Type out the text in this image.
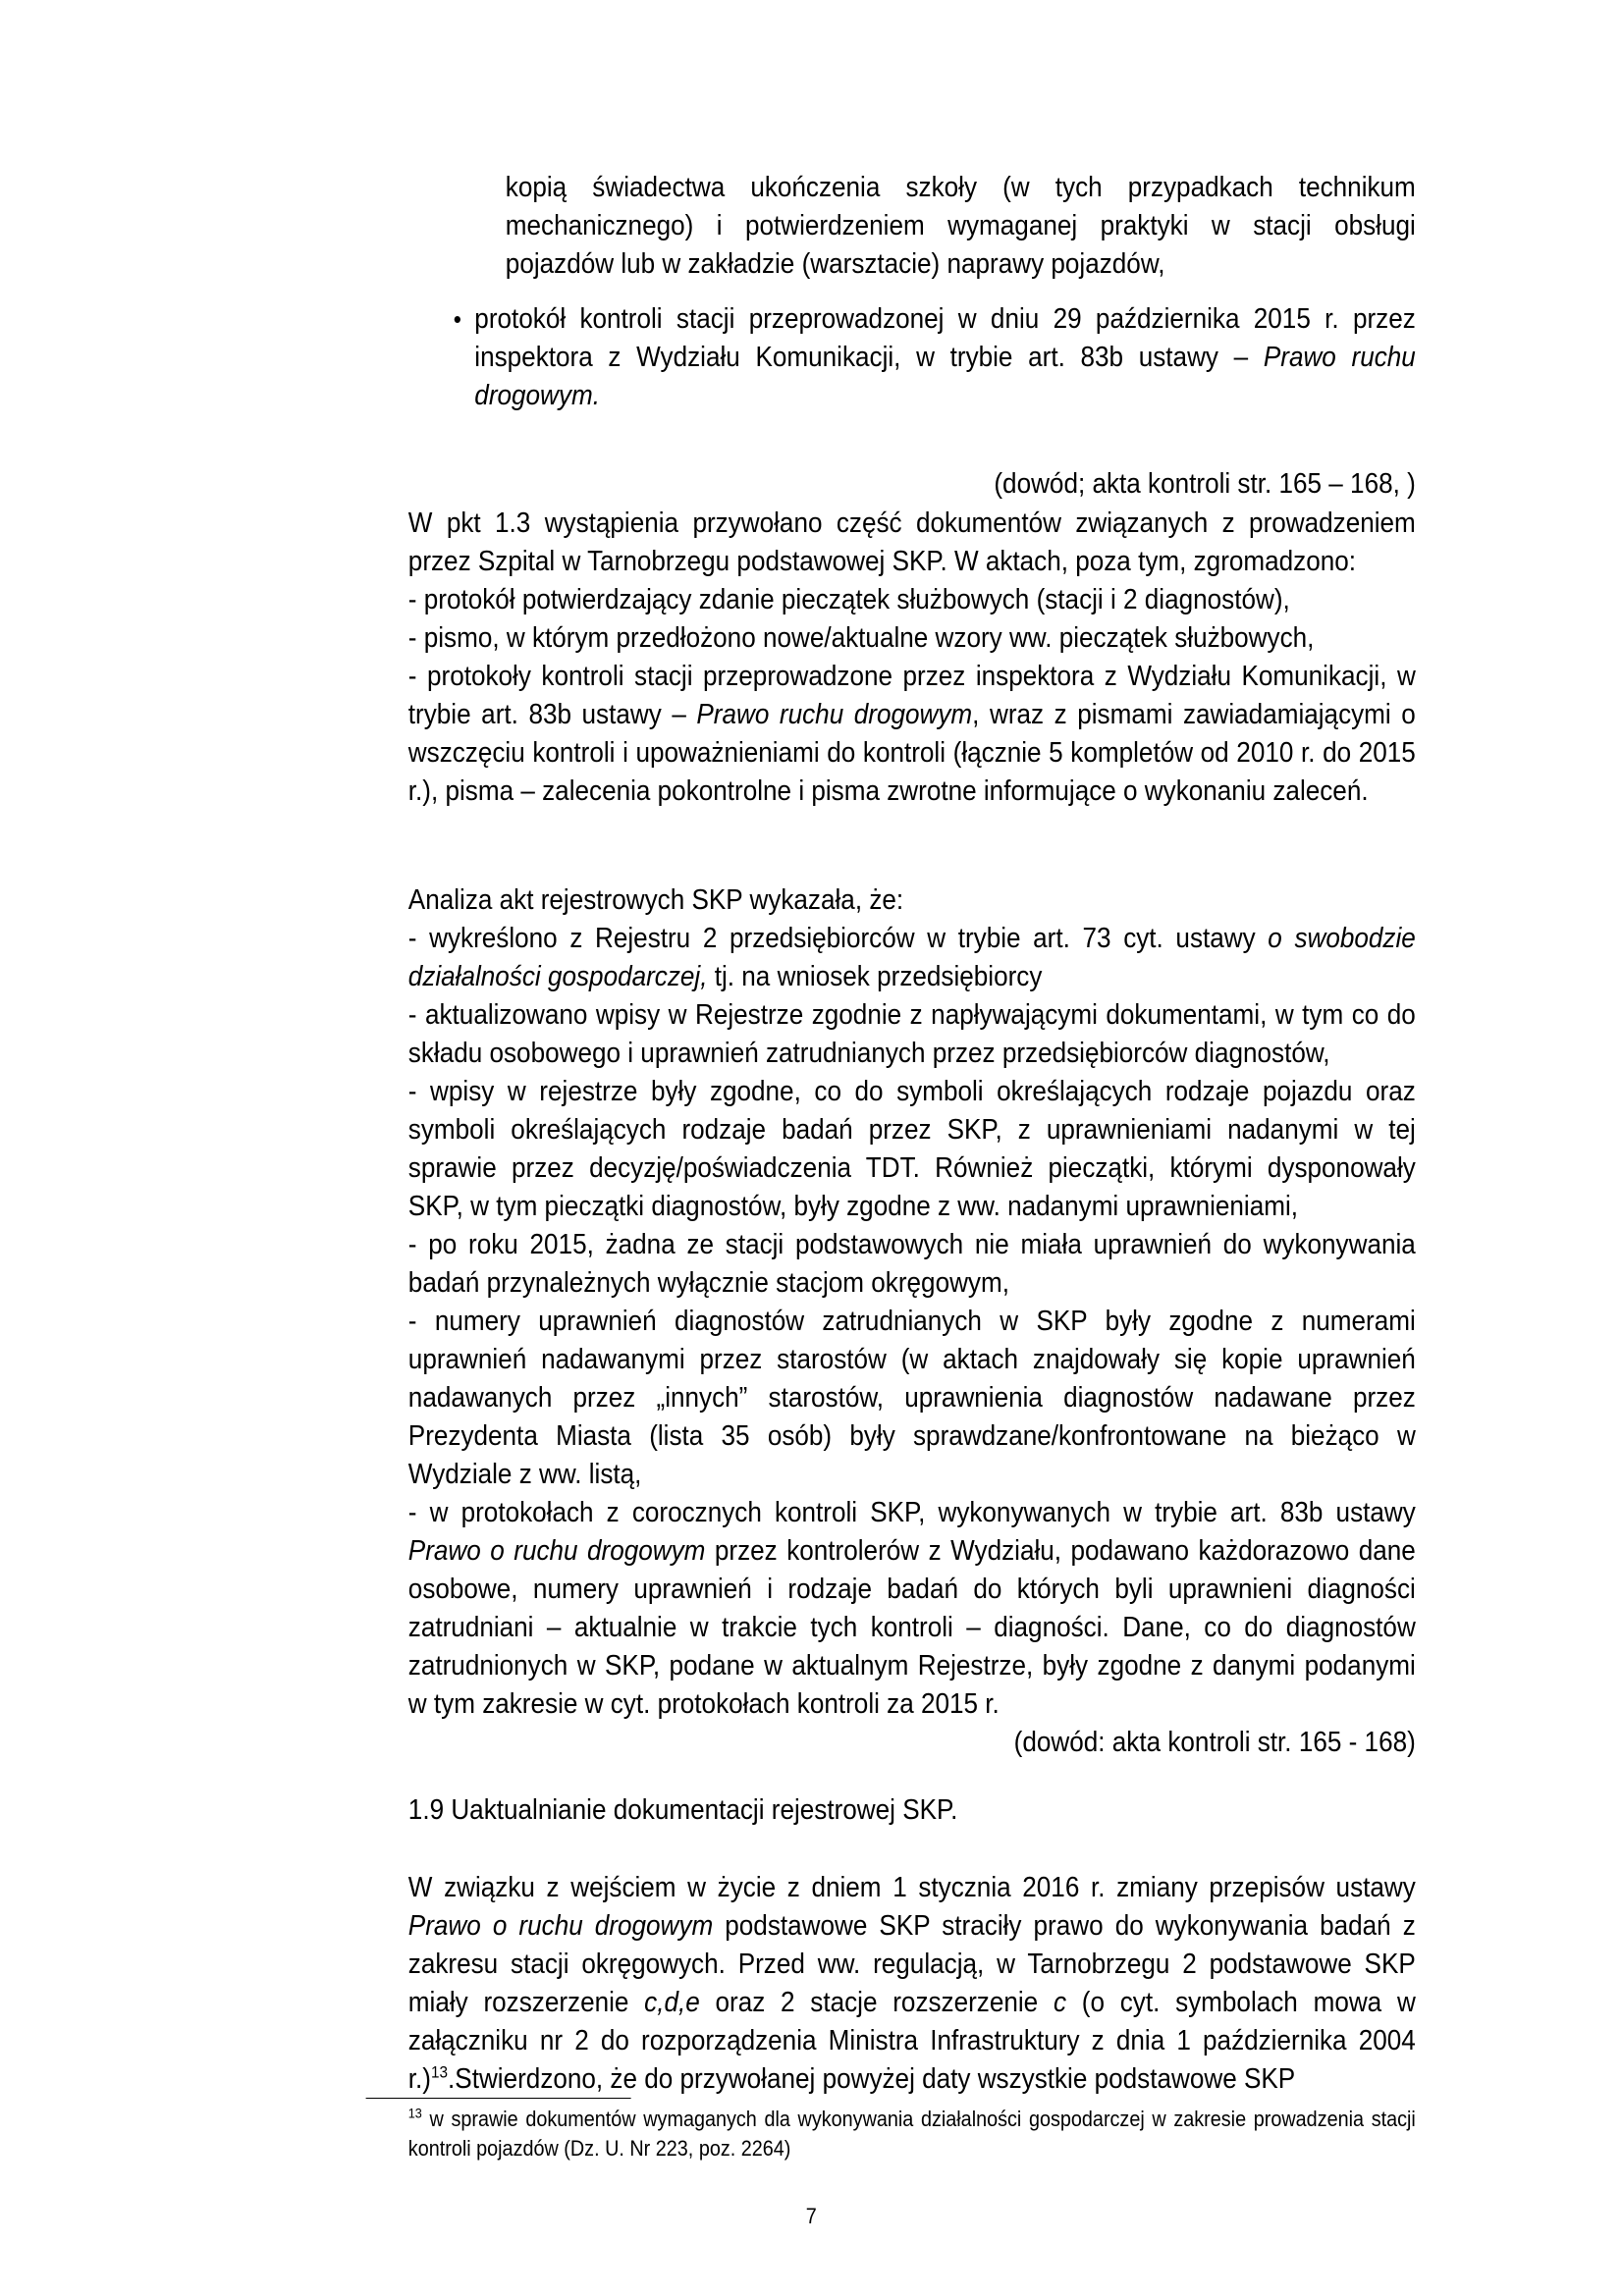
kopią świadectwa ukończenia szkoły (w tych przypadkach technikum mechanicznego) i potwierdzeniem wymaganej praktyki w stacji obsługi pojazdów lub w zakładzie (warsztacie) naprawy pojazdów,

• protokół kontroli stacji przeprowadzonej w dniu 29 października 2015 r. przez inspektora z Wydziału Komunikacji, w trybie art. 83b ustawy – Prawo ruchu drogowym.

(dowód; akta kontroli str. 165 – 168, )

W pkt 1.3 wystąpienia przywołano część dokumentów związanych z prowadzeniem przez Szpital w Tarnobrzegu podstawowej SKP. W aktach, poza tym, zgromadzono:

- protokół potwierdzający zdanie pieczątek służbowych (stacji i 2 diagnostów),

- pismo, w którym przedłożono nowe/aktualne wzory ww. pieczątek służbowych,

- protokoły kontroli stacji przeprowadzone przez inspektora z Wydziału Komunikacji, w trybie art. 83b ustawy – Prawo ruchu drogowym, wraz z pismami zawiadamiającymi o wszczęciu kontroli i upoważnieniami do kontroli (łącznie 5 kompletów od 2010 r. do 2015 r.), pisma – zalecenia pokontrolne i pisma zwrotne informujące o wykonaniu zaleceń.

Analiza akt rejestrowych SKP wykazała, że:

- wykreślono z Rejestru 2 przedsiębiorców w trybie art. 73 cyt. ustawy o swobodzie działalności gospodarczej, tj. na wniosek przedsiębiorcy

- aktualizowano wpisy w Rejestrze zgodnie z napływającymi dokumentami, w tym co do składu osobowego i uprawnień zatrudnianych przez przedsiębiorców diagnostów,

- wpisy w rejestrze były zgodne, co do symboli określających rodzaje pojazdu oraz symboli określających rodzaje badań przez SKP, z uprawnieniami nadanymi w tej sprawie przez decyzję/poświadczenia TDT. Również pieczątki, którymi dysponowały SKP, w tym pieczątki diagnostów, były zgodne z ww. nadanymi uprawnieniami,

- po roku 2015, żadna ze stacji podstawowych nie miała uprawnień do wykonywania badań przynależnych wyłącznie stacjom okręgowym,

- numery uprawnień diagnostów zatrudnianych w SKP były zgodne z numerami uprawnień nadawanymi przez starostów (w aktach znajdowały się kopie uprawnień nadawanych przez „innych” starostów, uprawnienia diagnostów nadawane przez Prezydenta Miasta (lista 35 osób) były sprawdzane/konfrontowane na bieżąco w Wydziale z ww. listą,

- w protokołach z corocznych kontroli SKP, wykonywanych w trybie art. 83b ustawy Prawo o ruchu drogowym przez kontrolerów z Wydziału, podawano każdorazowo dane osobowe, numery uprawnień i rodzaje badań do których byli uprawnieni diagności zatrudniani – aktualnie w trakcie tych kontroli – diagności. Dane, co do diagnostów zatrudnionych w SKP, podane w aktualnym Rejestrze, były zgodne z danymi podanymi w tym zakresie w cyt. protokołach kontroli za 2015 r.

(dowód: akta kontroli str. 165 - 168)

1.9 Uaktualnianie dokumentacji rejestrowej SKP.

W związku z wejściem w życie z dniem 1 stycznia 2016 r. zmiany przepisów ustawy Prawo o ruchu drogowym podstawowe SKP straciły prawo do wykonywania badań z zakresu stacji okręgowych. Przed ww. regulacją, w Tarnobrzegu 2 podstawowe SKP miały rozszerzenie c,d,e oraz 2 stacje rozszerzenie c (o cyt. symbolach mowa w załączniku nr 2 do rozporządzenia Ministra Infrastruktury z dnia 1 października 2004 r.)$^{13}$.Stwierdzono, że do przywołanej powyżej daty wszystkie podstawowe SKP

$^{13}$ w sprawie dokumentów wymaganych dla wykonywania działalności gospodarczej w zakresie prowadzenia stacji kontroli pojazdów (Dz. U. Nr 223, poz. 2264)
7
